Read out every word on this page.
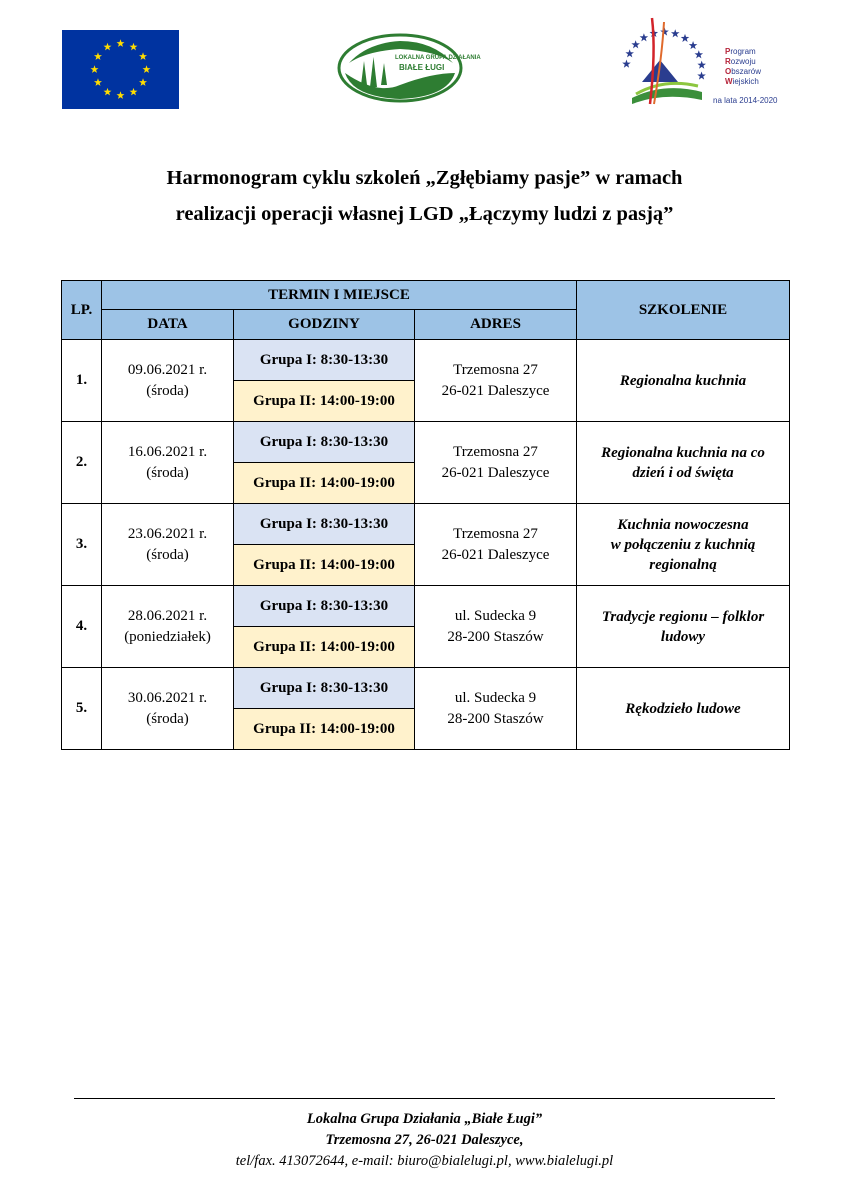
LOKALNA GRUPA DZIAŁANIA
BIAŁE ŁUGI
Program
Rozwoju
Obszarów
Wiejskich
na lata 2014-2020
Harmonogram cyklu szkoleń „Zgłębiamy pasje” w ramach
realizacji operacji własnej LGD „Łączymy ludzi z pasją”
LP.	TERMIN I MIEJSCE			SZKOLENIE
	DATA	GODZINY	ADRES	
1.	09.06.2021 r.
(środa)	Grupa I: 8:30-13:30	Trzemosna 27
26-021 Daleszyce	Regionalna kuchnia

		Grupa II: 14:00-19:00		
2.	16.06.2021 r.
(środa)	Grupa I: 8:30-13:30	Trzemosna 27
26-021 Daleszyce	Regionalna kuchnia na co
dzień i od święta

		Grupa II: 14:00-19:00		
3.	23.06.2021 r.
(środa)	Grupa I: 8:30-13:30	Trzemosna 27
26-021 Daleszyce	Kuchnia nowoczesna
w połączeniu z kuchnią
regionalną

		Grupa II: 14:00-19:00		
4.	28.06.2021 r.
(poniedziałek)	Grupa I: 8:30-13:30	ul. Sudecka 9
28-200 Staszów	Tradycje regionu – folklor
ludowy

		Grupa II: 14:00-19:00		
5.	30.06.2021 r.
(środa)	Grupa I: 8:30-13:30	ul. Sudecka 9
28-200 Staszów	Rękodzieło ludowe

		Grupa II: 14:00-19:00		
Lokalna Grupa Działania „Białe Ługi”
Trzemosna 27, 26-021 Daleszyce,
tel/fax. 413072644, e-mail: biuro@bialelugi.pl, www.bialelugi.pl
